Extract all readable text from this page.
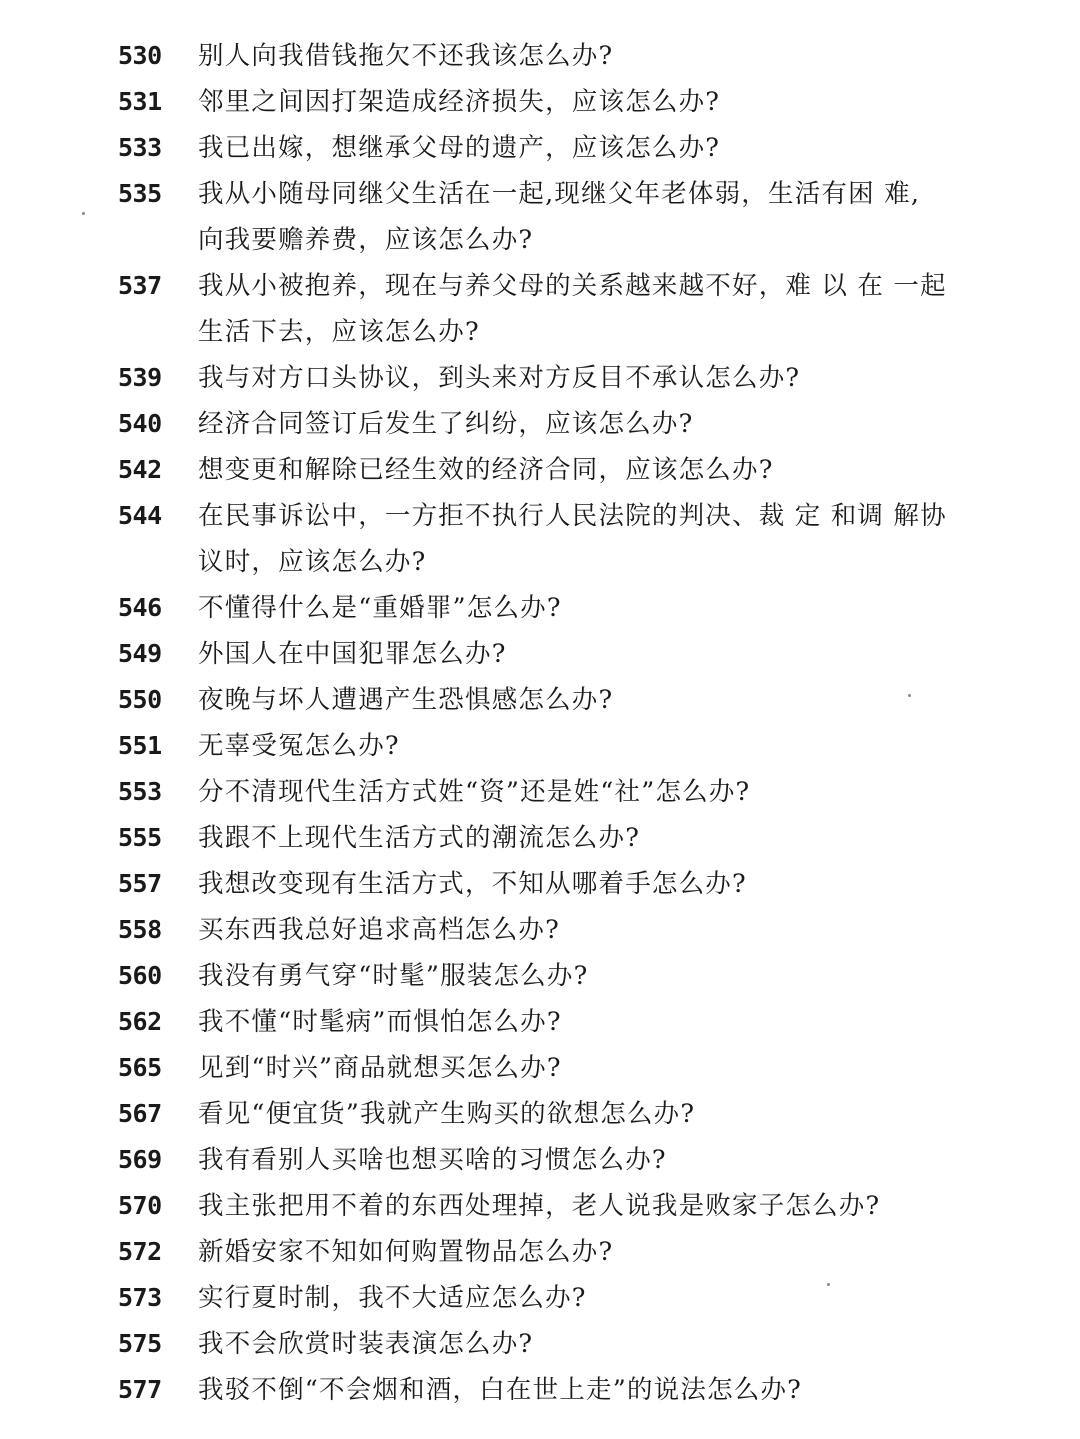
530	别人向我借钱拖欠不还我该怎么办?
531	邻里之间因打架造成经济损失，应该怎么办?
533	我已出嫁，想继承父母的遗产，应该怎么办?
535	我从小随母同继父生活在一起,现继父年老体弱，生活有困 难,
向我要赡养费，应该怎么办?
537	我从小被抱养，现在与养父母的关系越来越不好，难 以 在 一起
生活下去，应该怎么办?
539	我与对方口头协议，到头来对方反目不承认怎么办?
540	经济合同签订后发生了纠纷，应该怎么办?
542	想变更和解除已经生效的经济合同，应该怎么办?
544	在民事诉讼中，一方拒不执行人民法院的判决、裁 定 和调 解协
议时，应该怎么办?
546	不懂得什么是“重婚罪”怎么办?
549	外国人在中国犯罪怎么办?
550	夜晚与坏人遭遇产生恐惧感怎么办?
551	无辜受冤怎么办?
553	分不清现代生活方式姓“资”还是姓“社”怎么办?
555	我跟不上现代生活方式的潮流怎么办?
557	我想改变现有生活方式，不知从哪着手怎么办?
558	买东西我总好追求高档怎么办?
560	我没有勇气穿“时髦”服装怎么办?
562	我不懂“时髦病”而惧怕怎么办?
565	见到“时兴”商品就想买怎么办?
567	看见“便宜货”我就产生购买的欲想怎么办?
569	我有看别人买啥也想买啥的习惯怎么办?
570	我主张把用不着的东西处理掉，老人说我是败家子怎么办?
572	新婚安家不知如何购置物品怎么办?
573	实行夏时制，我不大适应怎么办?
575	我不会欣赏时装表演怎么办?
577	我驳不倒“不会烟和酒，白在世上走”的说法怎么办?
